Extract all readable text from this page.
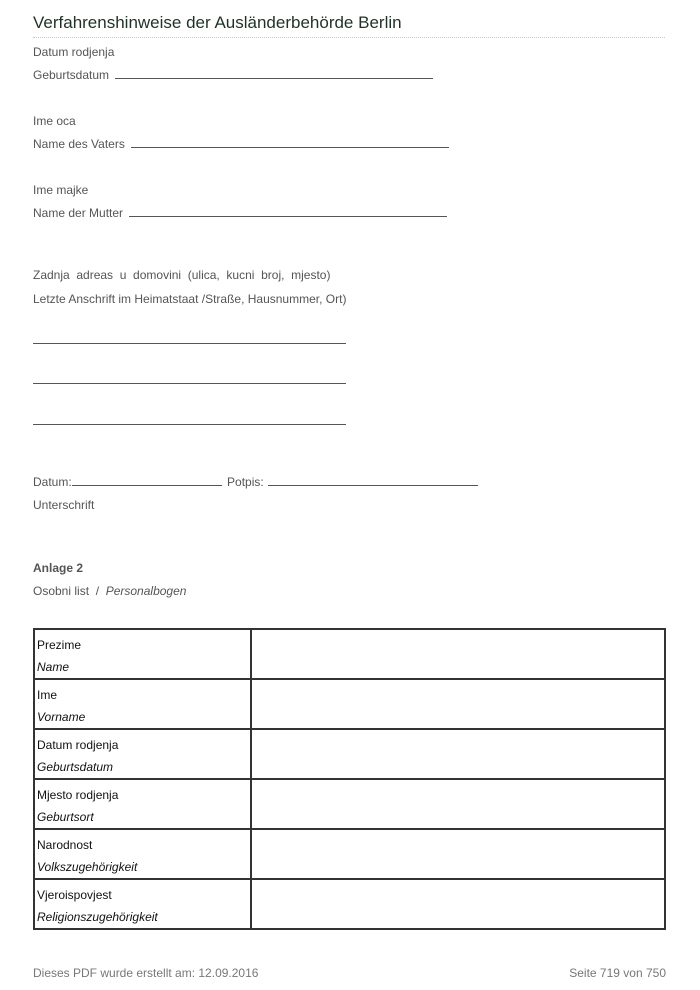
Verfahrenshinweise der Ausländerbehörde Berlin
Datum rodjenja
Geburtsdatum
Ime oca
Name des Vaters
Ime majke
Name der Mutter
Zadnja  adreas  u  domovini  (ulica,  kucni  broj,  mjesto)
Letzte Anschrift im Heimatstaat /Straße, Hausnummer, Ort)
Datum:	Potpis:
Unterschrift
Anlage 2
Osobni list  / Personalbogen
Prezime
Name	

Ime
Vorname	

Datum rodjenja
Geburtsdatum	

Mjesto rodjenja
Geburtsort	

Narodnost
Volkszugehörigkeit	

Vjeroispovjest
Religionszugehörigkeit	

Dieses PDF wurde erstellt am: 12.09.2016	Seite 719 von 750
